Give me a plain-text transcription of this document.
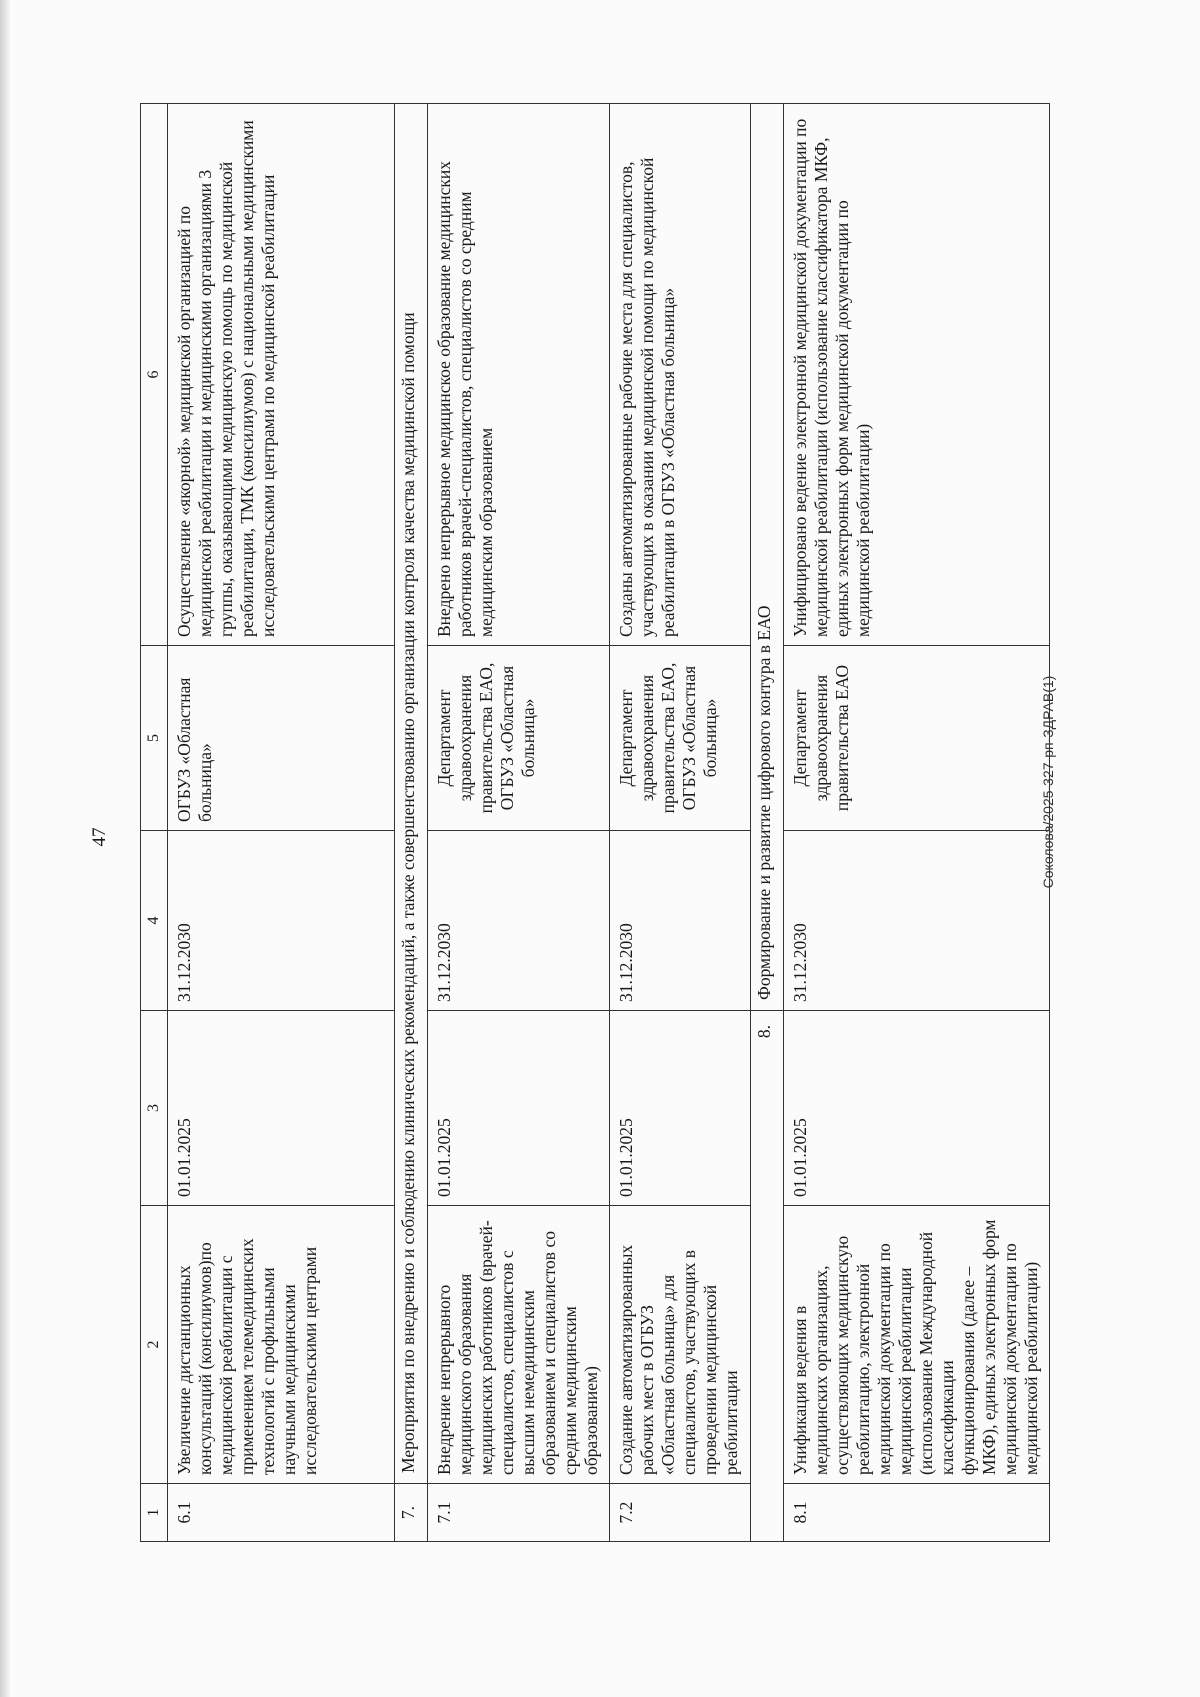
47
1	2	3	4	5	6
6.1	Увеличение дистанционных консультаций (консилиумов)по медицинской реабилитации с применением телемедицинских технологий с профильными научными медицинскими исследовательскими центрами	01.01.2025	31.12.2030	ОГБУЗ «Областная больница»	Осуществление «якорной» медицинской организацией по медицинской реабилитации и медицинскими организациями 3 группы, оказывающими медицинскую помощь по медицинской реабилитации, ТМК (консилиумов) с национальными медицинскими исследовательскими центрами по медицинской реабилитации
7.	Мероприятия по внедрению и соблюдению клинических рекомендаций, а также совершенствованию организации контроля качества медицинской помощи				
7.1	Внедрение непрерывного медицинского образования медицинских работников (врачей-специалистов, специалистов с высшим немедицинским образованием и специалистов со средним медицинским образованием)	01.01.2025	31.12.2030	Департамент здравоохранения правительства ЕАО, ОГБУЗ «Областная больница»	Внедрено непрерывное медицинское образование медицинских работников врачей-специалистов, специалистов со средним медицинским образованием
7.2	Создание автоматизированных рабочих мест в ОГБУЗ «Областная больница» для специалистов, участвующих в проведении медицинской реабилитации	01.01.2025	31.12.2030	Департамент здравоохранения правительства ЕАО, ОГБУЗ «Областная больница»	Созданы автоматизированные рабочие места для специалистов, участвующих в оказании медицинской помощи по медицинской реабилитации в ОГБУЗ «Областная больница»
8.			Формирование и развитие цифрового контура в ЕАО		
8.1	Унификация ведения в медицинских организациях, осуществляющих медицинскую реабилитацию, электронной медицинской документации по медицинской реабилитации (использование Международной классификации функционирования (далее – МКФ), единых электронных форм медицинской документации по медицинской реабилитации)	01.01.2025	31.12.2030	Департамент здравоохранения правительства ЕАО	Унифицировано ведение электронной медицинской документации по медицинской реабилитации (использование классификатора МКФ, единых электронных форм медицинской документации по медицинской реабилитации)
Соколова/2025-327-рп-ЗДРАВ(1)
